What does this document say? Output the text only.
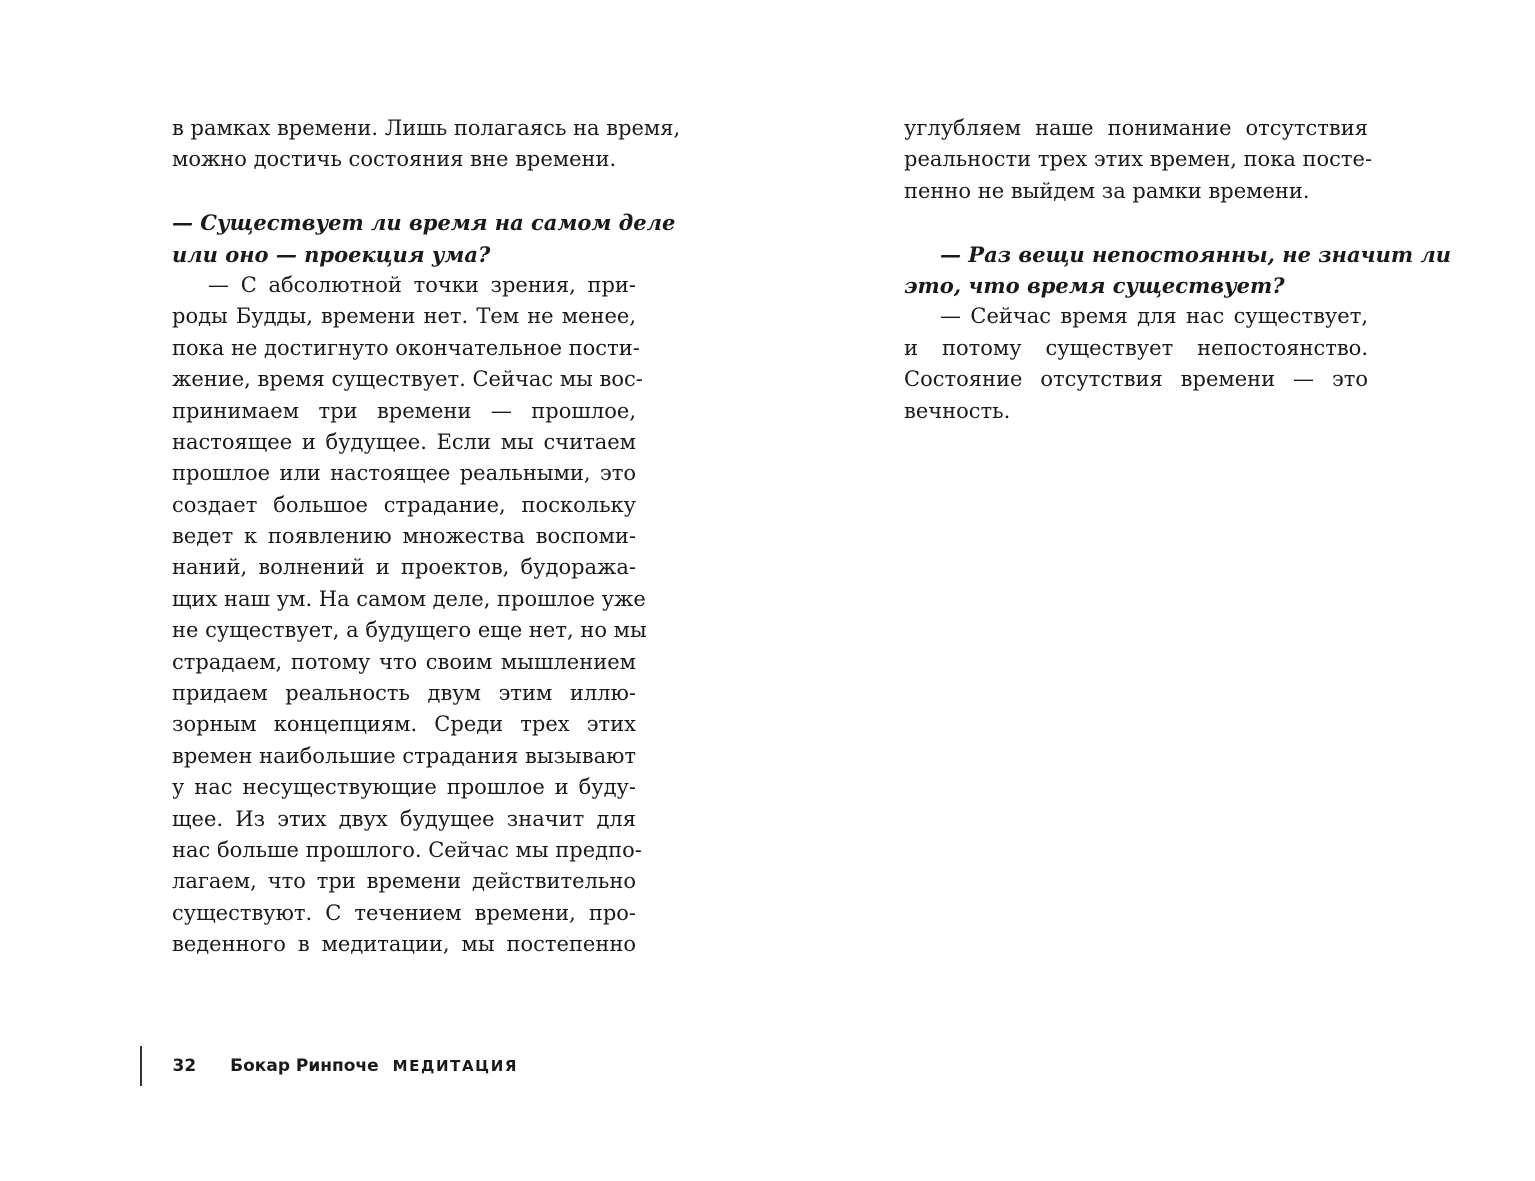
в рамках времени. Лишь полагаясь на время,
можно достичь состояния вне времени.
— Существует ли время на самом деле
или оно — проекция ума?
— С абсолютной точки зрения, при-
роды Будды, времени нет. Тем не менее,
пока не достигнуто окончательное пости-
жение, время существует. Сейчас мы вос-
принимаем три времени — прошлое,
настоящее и будущее. Если мы считаем
прошлое или настоящее реальными, это
создает большое страдание, поскольку
ведет к появлению множества воспоми-
наний, волнений и проектов, будоража-
щих наш ум. На самом деле, прошлое уже
не существует, а будущего еще нет, но мы
страдаем, потому что своим мышлением
придаем реальность двум этим иллю-
зорным концепциям. Среди трех этих
времен наибольшие страдания вызывают
у нас несуществующие прошлое и буду-
щее. Из этих двух будущее значит для
нас больше прошлого. Сейчас мы предпо-
лагаем, что три времени действительно
существуют. С течением времени, про-
веденного в медитации, мы постепенно
32 Бокар Ринпоче МЕДИТАЦИЯ
углубляем наше понимание отсутствия
реальности трех этих времен, пока посте-
пенно не выйдем за рамки времени.
— Раз вещи непостоянны, не значит ли
это, что время существует?
— Сейчас время для нас существует,
и потому существует непостоянство.
Состояние отсутствия времени — это
вечность.
